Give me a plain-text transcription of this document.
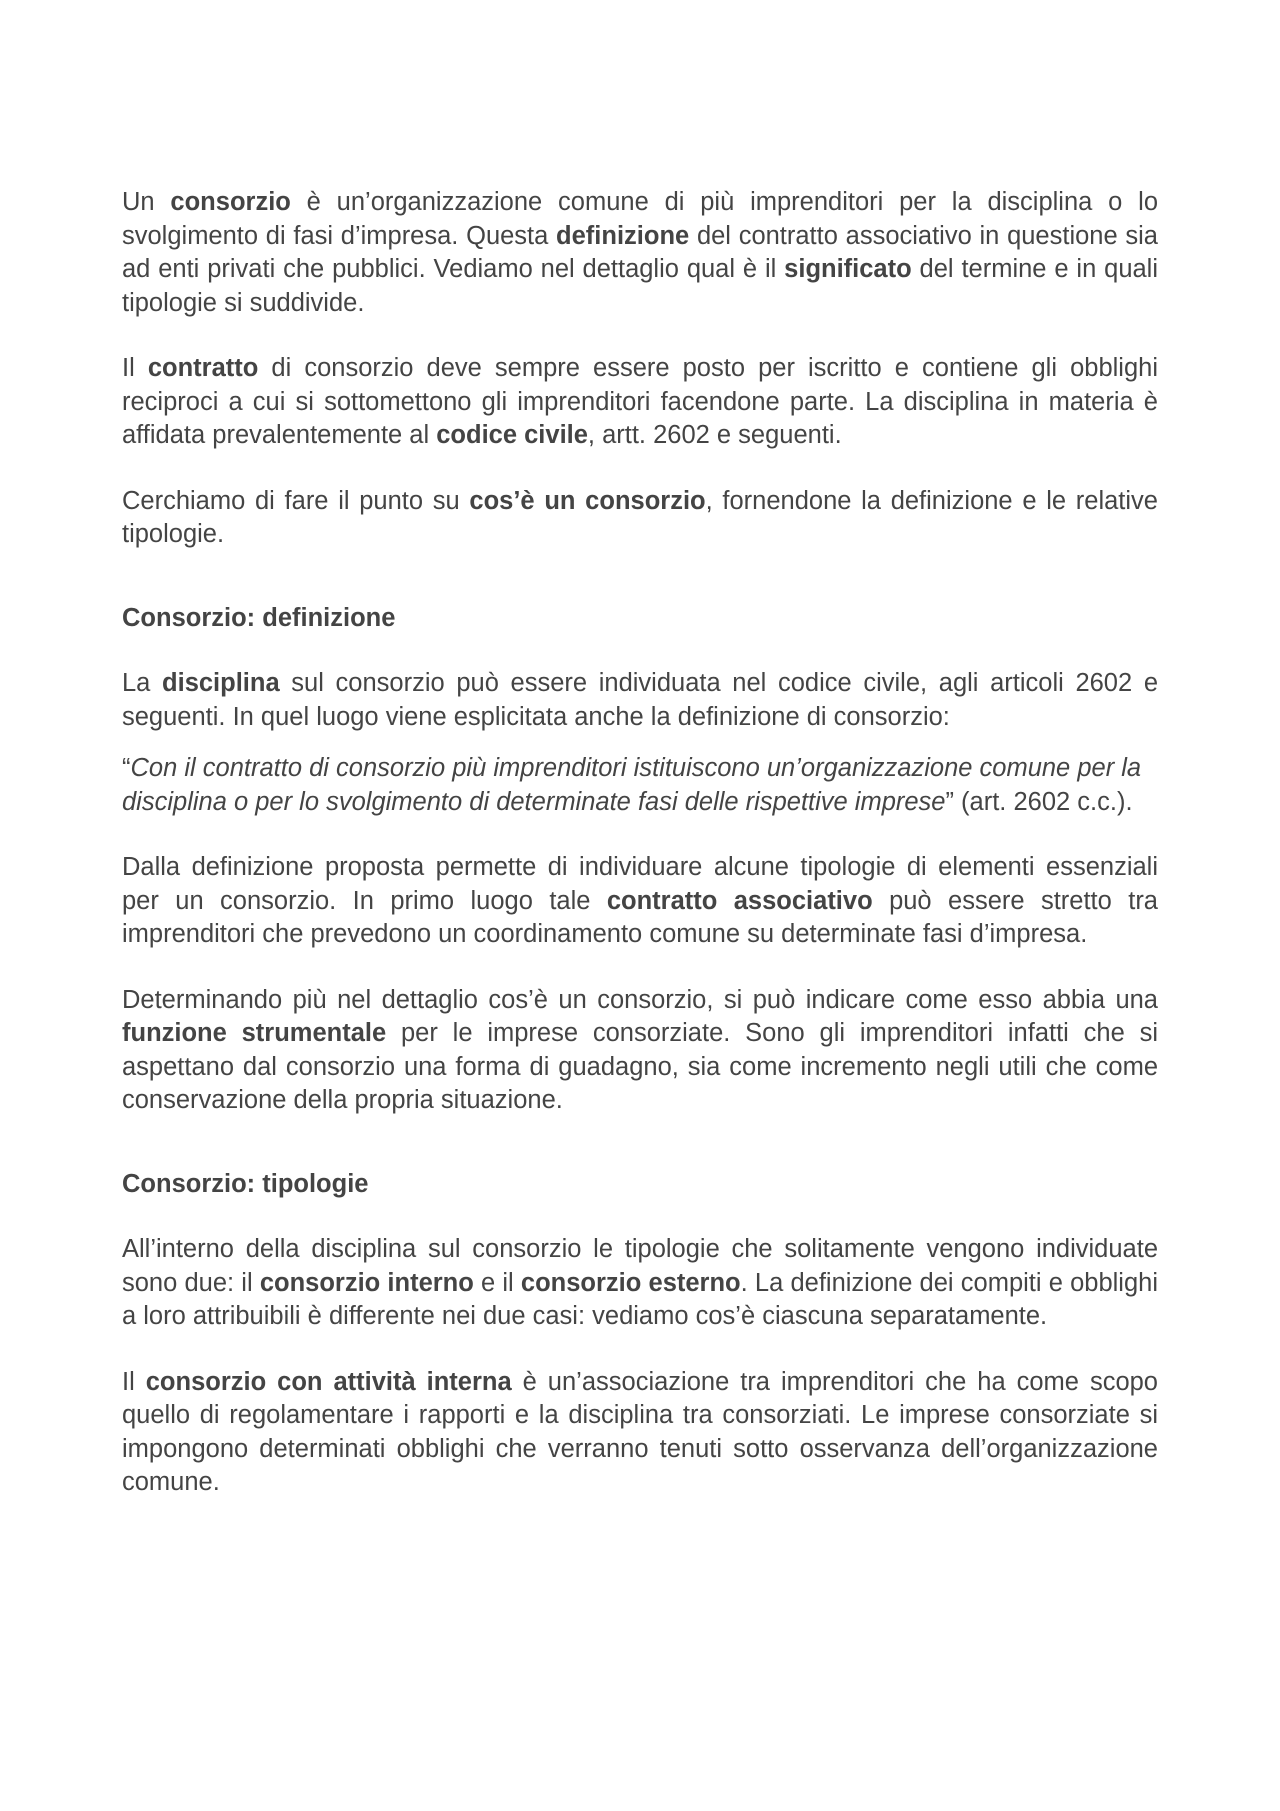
Un consorzio è un’organizzazione comune di più imprenditori per la disciplina o lo svolgimento di fasi d’impresa. Questa definizione del contratto associativo in questione sia ad enti privati che pubblici. Vediamo nel dettaglio qual è il significato del termine e in quali tipologie si suddivide.

Il contratto di consorzio deve sempre essere posto per iscritto e contiene gli obblighi reciproci a cui si sottomettono gli imprenditori facendone parte. La disciplina in materia è affidata prevalentemente al codice civile, artt. 2602 e seguenti.

Cerchiamo di fare il punto su cos’è un consorzio, fornendone la definizione e le relative tipologie.

Consorzio: definizione

La disciplina sul consorzio può essere individuata nel codice civile, agli articoli 2602 e seguenti. In quel luogo viene esplicitata anche la definizione di consorzio:

“Con il contratto di consorzio più imprenditori istituiscono un’organizzazione comune per la disciplina o per lo svolgimento di determinate fasi delle rispettive imprese” (art. 2602 c.c.).

Dalla definizione proposta permette di individuare alcune tipologie di elementi essenziali per un consorzio. In primo luogo tale contratto associativo può essere stretto tra imprenditori che prevedono un coordinamento comune su determinate fasi d’impresa.

Determinando più nel dettaglio cos’è un consorzio, si può indicare come esso abbia una funzione strumentale per le imprese consorziate. Sono gli imprenditori infatti che si aspettano dal consorzio una forma di guadagno, sia come incremento negli utili che come conservazione della propria situazione.

Consorzio: tipologie

All’interno della disciplina sul consorzio le tipologie che solitamente vengono individuate sono due: il consorzio interno e il consorzio esterno. La definizione dei compiti e obblighi a loro attribuibili è differente nei due casi: vediamo cos’è ciascuna separatamente.

Il consorzio con attività interna è un’associazione tra imprenditori che ha come scopo quello di regolamentare i rapporti e la disciplina tra consorziati. Le imprese consorziate si impongono determinati obblighi che verranno tenuti sotto osservanza dell’organizzazione comune.
